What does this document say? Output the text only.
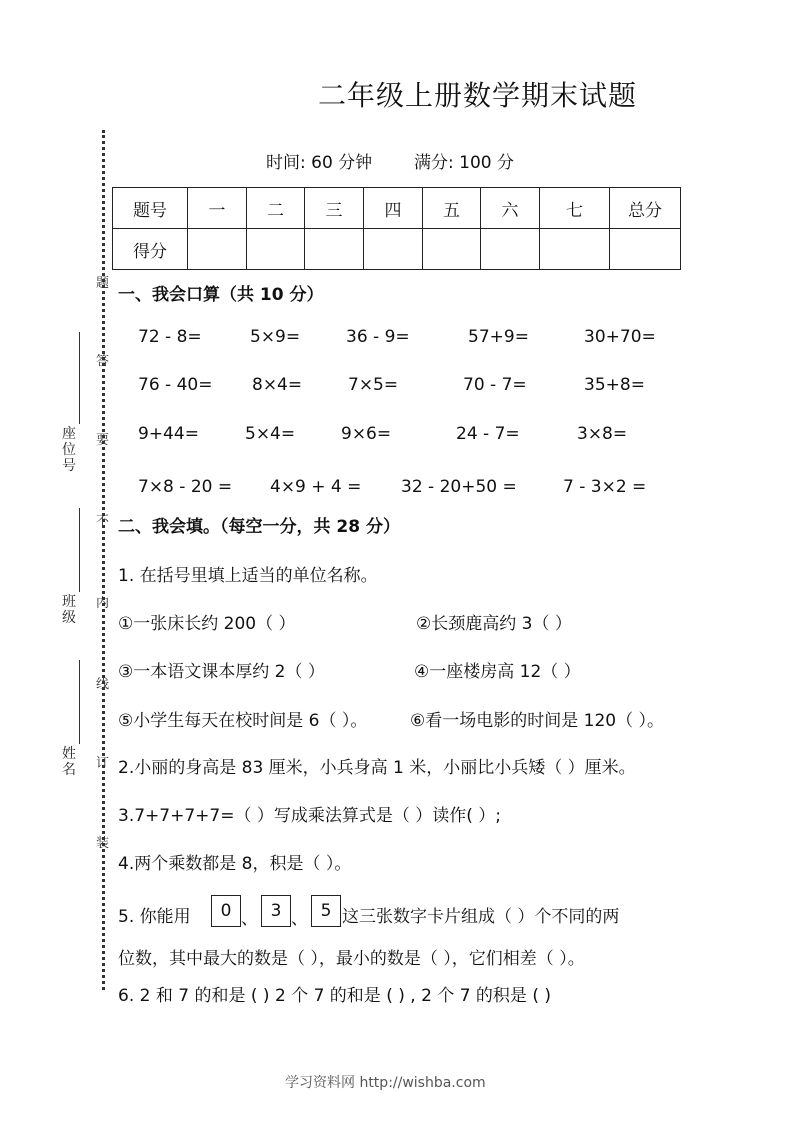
二年级上册数学期末试题
时间: 60 分钟 满分: 100 分
题号	一	二	三	四	五	六	七	总分
得分								
题
答
要
不
内
线
订
装
座位号
班级
姓名
一、我会口算（共 10 分）
72 - 8=	5×9=	36 - 9=	57+9=	30+70=
76 - 40= 8×4=	7×5=	70 - 7=	35+8=
9+44=	5×4=	9×6=	24 - 7=	3×8=
7×8 - 20 = 4×9 + 4 = 32 - 20+50 =	7 - 3×2 =
二、我会填。（每空一分，共 28 分）
1. 在括号里填上适当的单位名称。
①一张床长约 200（ ）	②长颈鹿高约 3（ ）
③一本语文课本厚约 2（ ）	④一座楼房高 12（ ）
⑤小学生每天在校时间是 6（ ）。	⑥看一场电影的时间是 120（ ）。
2.小丽的身高是 83 厘米，小兵身高 1 米，小丽比小兵矮（ ）厘米。
3.7+7+7+7=（ ）写成乘法算式是（ ）读作( ）;
4.两个乘数都是 8，积是（ ）。
5. 你能用	0 、 3 、 5 这三张数字卡片组成（ ）个不同的两
位数，其中最大的数是（ ），最小的数是（ ），它们相差（ ）。
6. 2 和 7 的和是 ( ) 2 个 7 的和是 ( ) , 2 个 7 的积是 ( )
学习资料网 http://wishba.com
